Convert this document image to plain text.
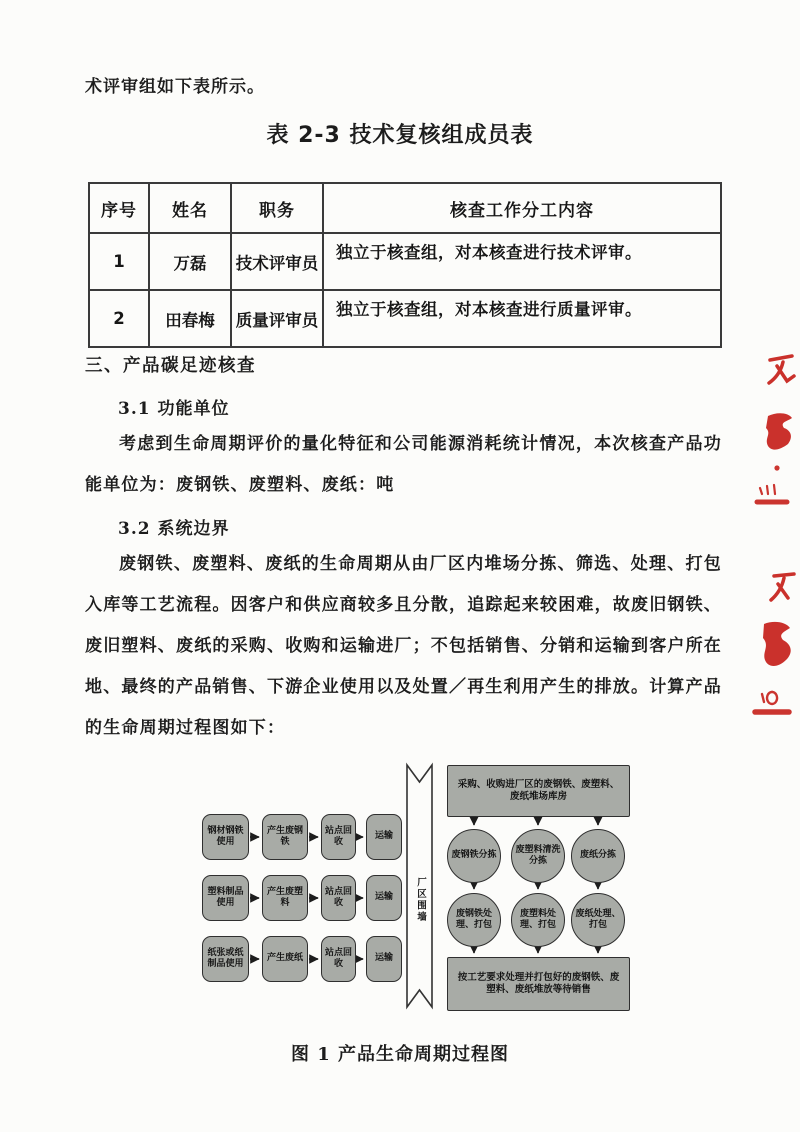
术评审组如下表所示。

表 2-3 技术复核组成员表
序号	姓名	职务	核查工作分工内容
1	万磊	技术评审员	独立于核查组，对本核查进行技术评审。
2	田春梅	质量评审员	独立于核查组，对本核查进行质量评审。
三、产品碳足迹核查

3.1 功能单位

考虑到生命周期评价的量化特征和公司能源消耗统计情况，本次核查产品功能单位为：废钢铁、废塑料、废纸：吨

3.2 系统边界

废钢铁、废塑料、废纸的生命周期从由厂区内堆场分拣、筛选、处理、打包入库等工艺流程。因客户和供应商较多且分散，追踪起来较困难，故废旧钢铁、废旧塑料、废纸的采购、收购和运输进厂；不包括销售、分销和运输到客户所在地、最终的产品销售、下游企业使用以及处置／再生利用产生的排放。计算产品的生命周期过程图如下：

钢材钢铁使用
产生废钢铁
站点回收
运输
塑料制品使用
产生废塑料
站点回收
运输
纸张或纸制品使用
产生废纸
站点回收
运输
厂区围墙
采购、收购进厂区的废钢铁、废塑料、废纸堆场库房
废钢铁分拣
废塑料清洗分拣
废纸分拣
废钢铁处理、打包
废塑料处理、打包
废纸处理、打包
按工艺要求处理并打包好的废钢铁、废塑料、废纸堆放等待销售

图 1 产品生命周期过程图
